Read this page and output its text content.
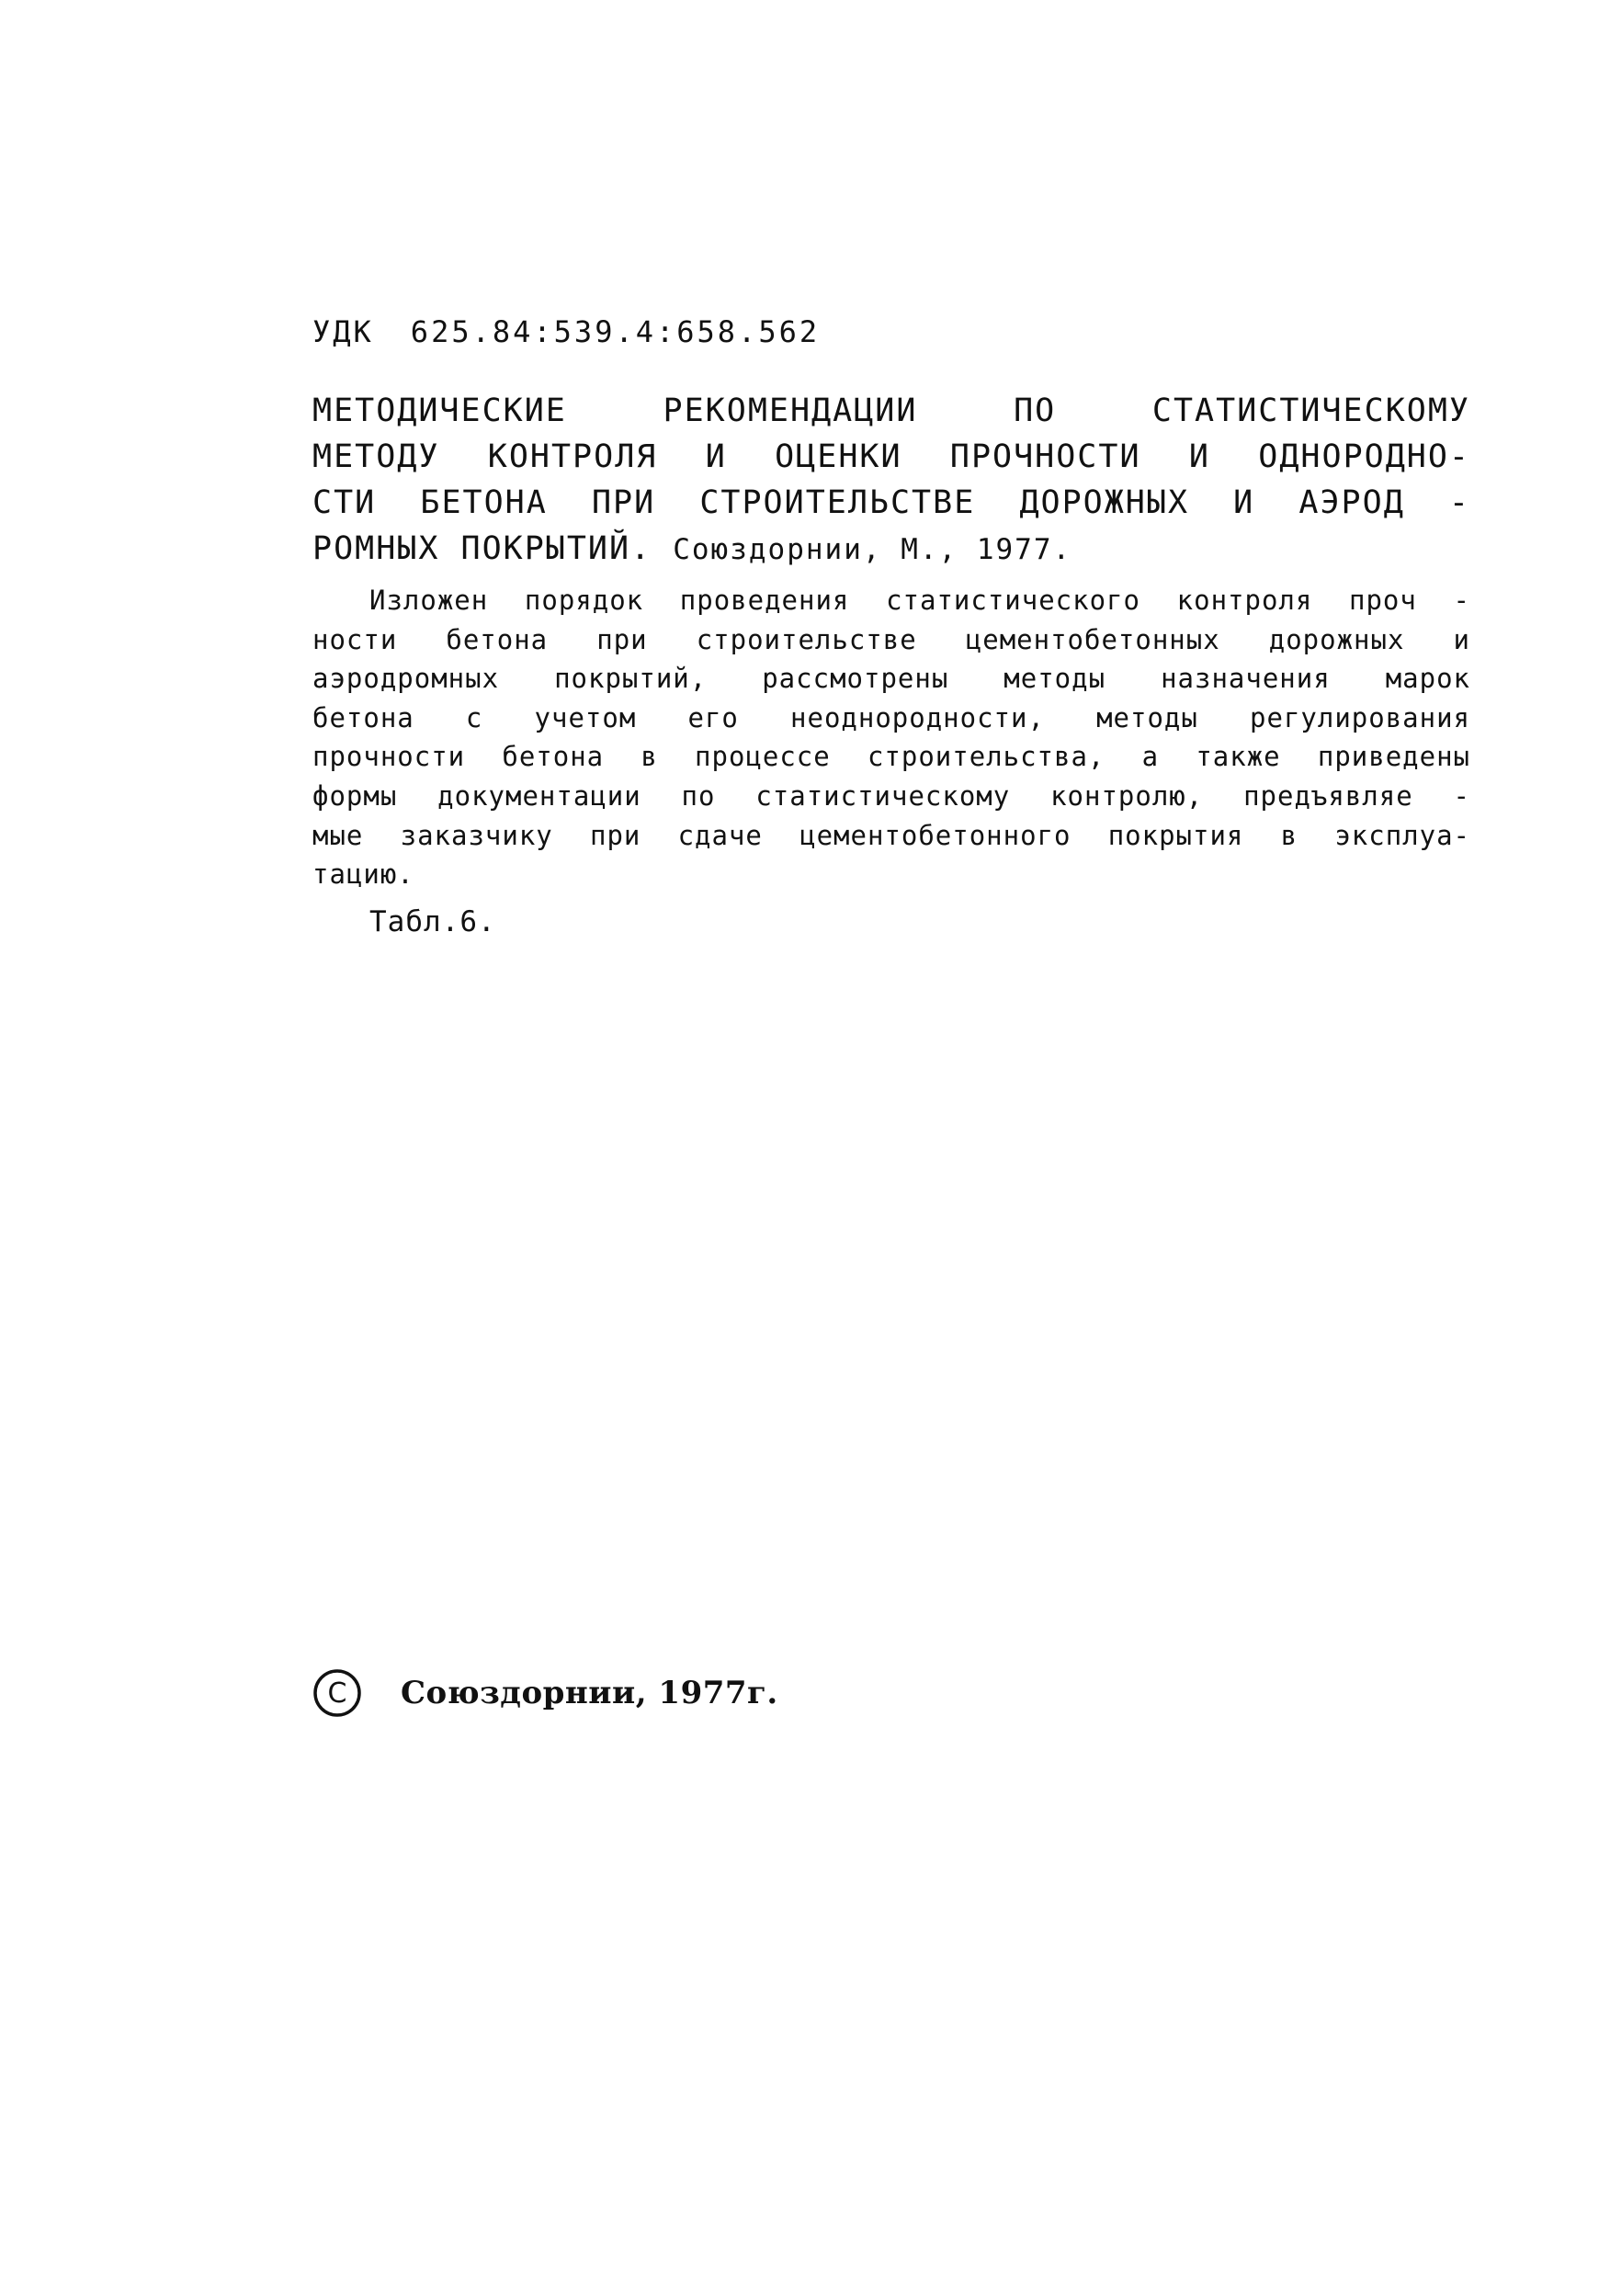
УДК 625.84:539.4:658.562
МЕТОДИЧЕСКИЕ РЕКОМЕНДАЦИИ ПО СТАТИСТИЧЕСКОМУ
МЕТОДУ КОНТРОЛЯ И ОЦЕНКИ ПРОЧНОСТИ И ОДНОРОДНО-
СТИ БЕТОНА ПРИ СТРОИТЕЛЬСТВЕ ДОРОЖНЫХ И АЭРОД -
РОМНЫХ ПОКРЫТИЙ. Союздорнии, М., 1977.
Изложен порядок проведения статистического контроля проч -
ности бетона при строительстве цементобетонных дорожных и
аэродромных покрытий, рассмотрены методы назначения марок
бетона с учетом его неоднородности, методы регулирования
прочности бетона в процессе строительства, а также приведены
формы документации по статистическому контролю, предъявляе -
мые заказчику при сдаче цементобетонного покрытия в эксплуа-
тацию.
Табл.6.
C Союздорнии, 1977г.
